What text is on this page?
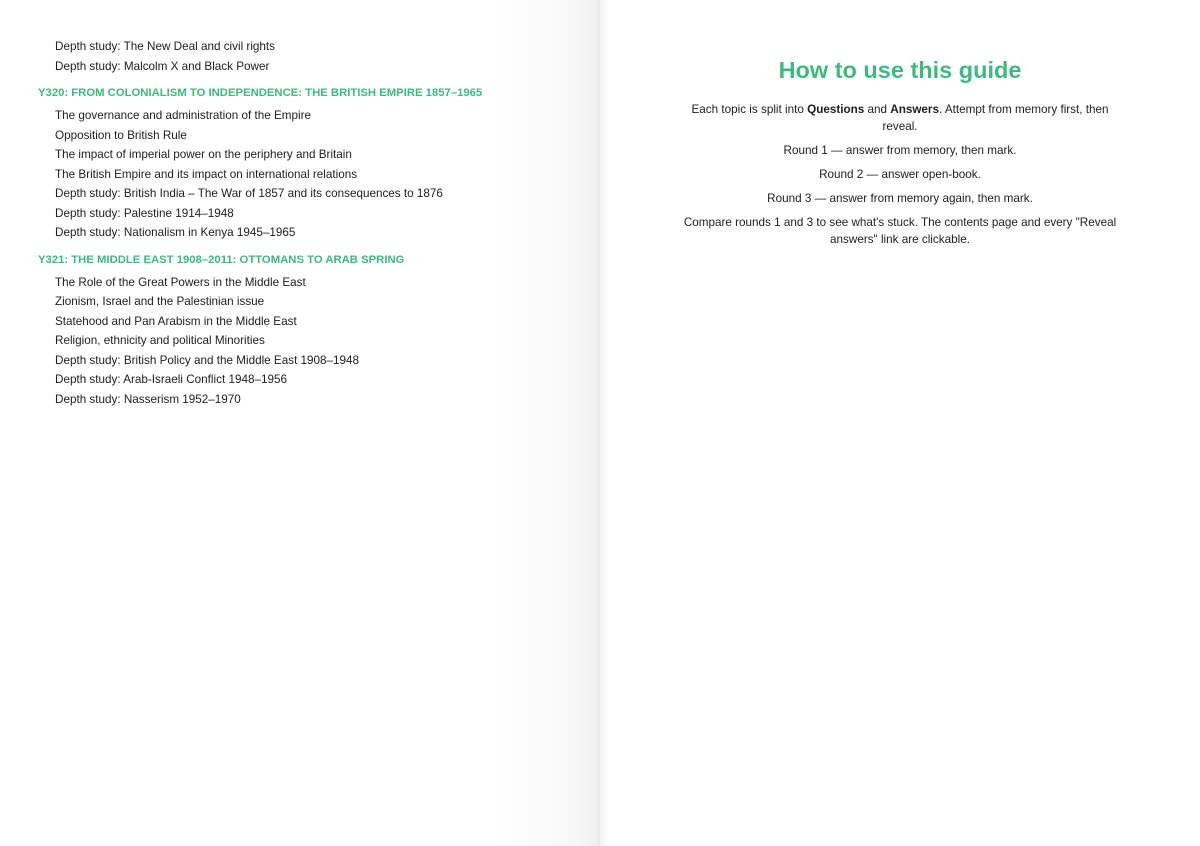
Depth study: The New Deal and civil rights
Depth study: Malcolm X and Black Power
Y320: FROM COLONIALISM TO INDEPENDENCE: THE BRITISH EMPIRE 1857–1965
The governance and administration of the Empire
Opposition to British Rule
The impact of imperial power on the periphery and Britain
The British Empire and its impact on international relations
Depth study: British India – The War of 1857 and its consequences to 1876
Depth study: Palestine 1914–1948
Depth study: Nationalism in Kenya 1945–1965
Y321: THE MIDDLE EAST 1908–2011: OTTOMANS TO ARAB SPRING
The Role of the Great Powers in the Middle East
Zionism, Israel and the Palestinian issue
Statehood and Pan Arabism in the Middle East
Religion, ethnicity and political Minorities
Depth study: British Policy and the Middle East 1908–1948
Depth study: Arab-Israeli Conflict 1948–1956
Depth study: Nasserism 1952–1970
How to use this guide

Each topic is split into Questions and Answers. Attempt from memory first, then reveal.

Round 1 — answer from memory, then mark.

Round 2 — answer open-book.

Round 3 — answer from memory again, then mark.

Compare rounds 1 and 3 to see what's stuck. The contents page and every "Reveal answers" link are clickable.
